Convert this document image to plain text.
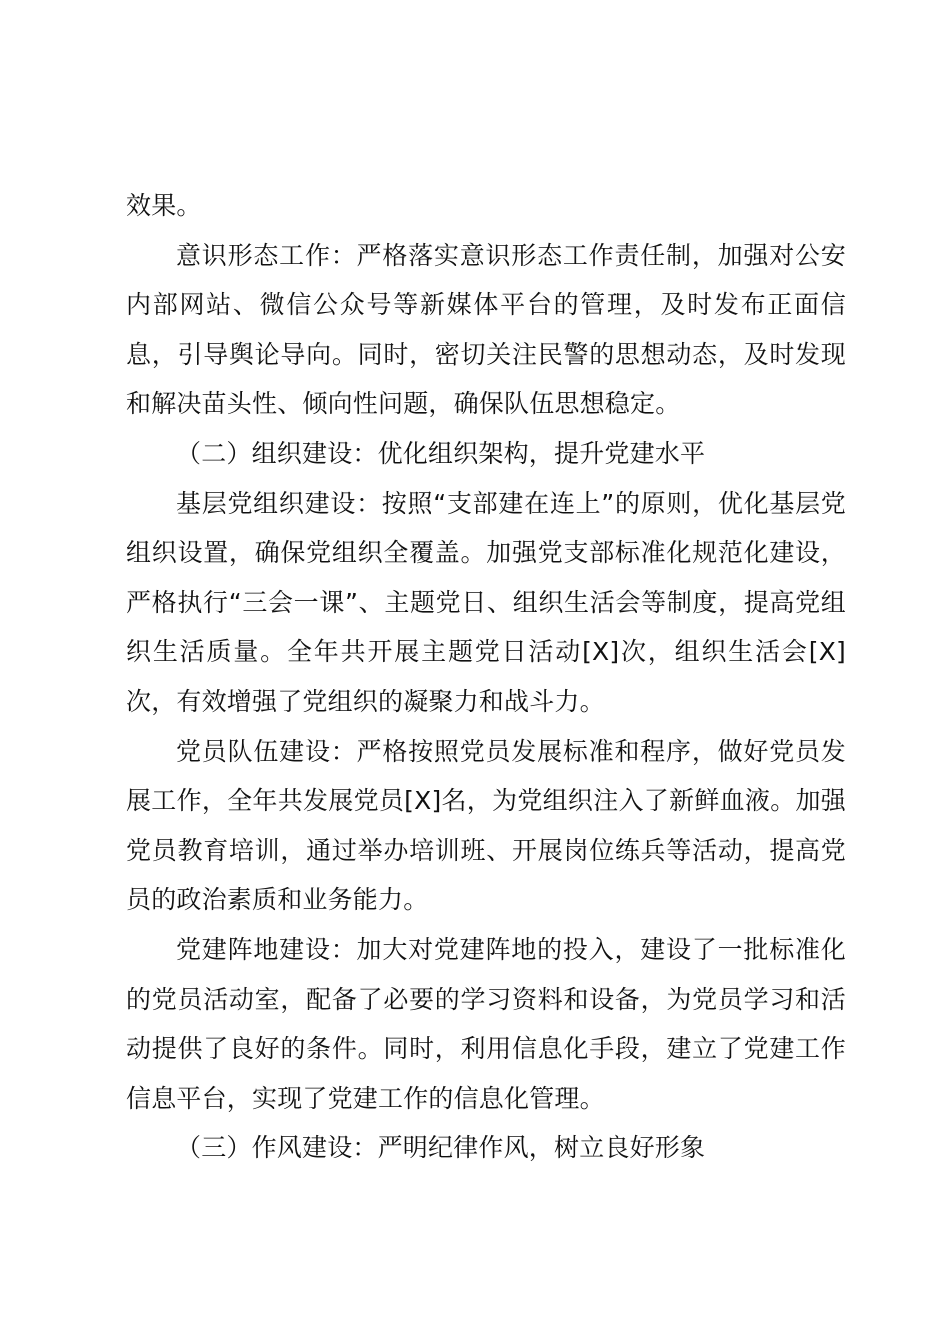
效果。

意识形态工作：严格落实意识形态工作责任制，加强对公安内部网站、微信公众号等新媒体平台的管理，及时发布正面信息，引导舆论导向。同时，密切关注民警的思想动态，及时发现和解决苗头性、倾向性问题，确保队伍思想稳定。

（二）组织建设：优化组织架构，提升党建水平

基层党组织建设：按照“支部建在连上”的原则，优化基层党组织设置，确保党组织全覆盖。加强党支部标准化规范化建设，严格执行“三会一课”、主题党日、组织生活会等制度，提高党组织生活质量。全年共开展主题党日活动[X]次，组织生活会[X]次，有效增强了党组织的凝聚力和战斗力。

党员队伍建设：严格按照党员发展标准和程序，做好党员发展工作，全年共发展党员[X]名，为党组织注入了新鲜血液。加强党员教育培训，通过举办培训班、开展岗位练兵等活动，提高党员的政治素质和业务能力。

党建阵地建设：加大对党建阵地的投入，建设了一批标准化的党员活动室，配备了必要的学习资料和设备，为党员学习和活动提供了良好的条件。同时，利用信息化手段，建立了党建工作信息平台，实现了党建工作的信息化管理。

（三）作风建设：严明纪律作风，树立良好形象
